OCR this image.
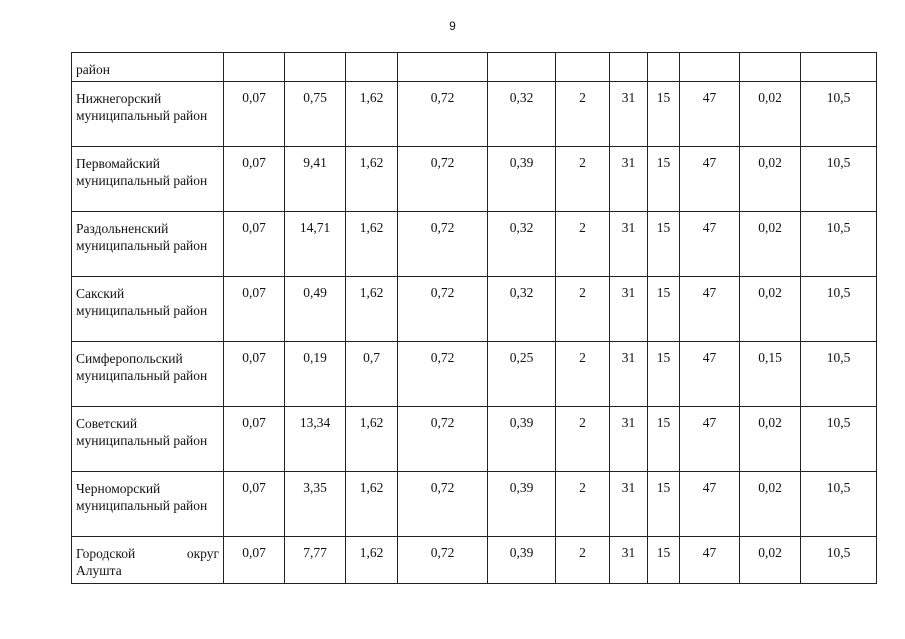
9
район											
Нижнегорский муниципальный район	0,07	0,75	1,62	0,72	0,32	2	31	15	47	0,02	10,5
Первомайский муниципальный район	0,07	9,41	1,62	0,72	0,39	2	31	15	47	0,02	10,5
Раздольненский муниципальный район	0,07	14,71	1,62	0,72	0,32	2	31	15	47	0,02	10,5
Сакский муниципальный район	0,07	0,49	1,62	0,72	0,32	2	31	15	47	0,02	10,5
Симферопольский муниципальный район	0,07	0,19	0,7	0,72	0,25	2	31	15	47	0,15	10,5
Советский муниципальный район	0,07	13,34	1,62	0,72	0,39	2	31	15	47	0,02	10,5
Черноморский муниципальный район	0,07	3,35	1,62	0,72	0,39	2	31	15	47	0,02	10,5

Городской округ
Алушта	0,07	7,77	1,62	0,72	0,39	2	31	15	47	0,02	10,5
